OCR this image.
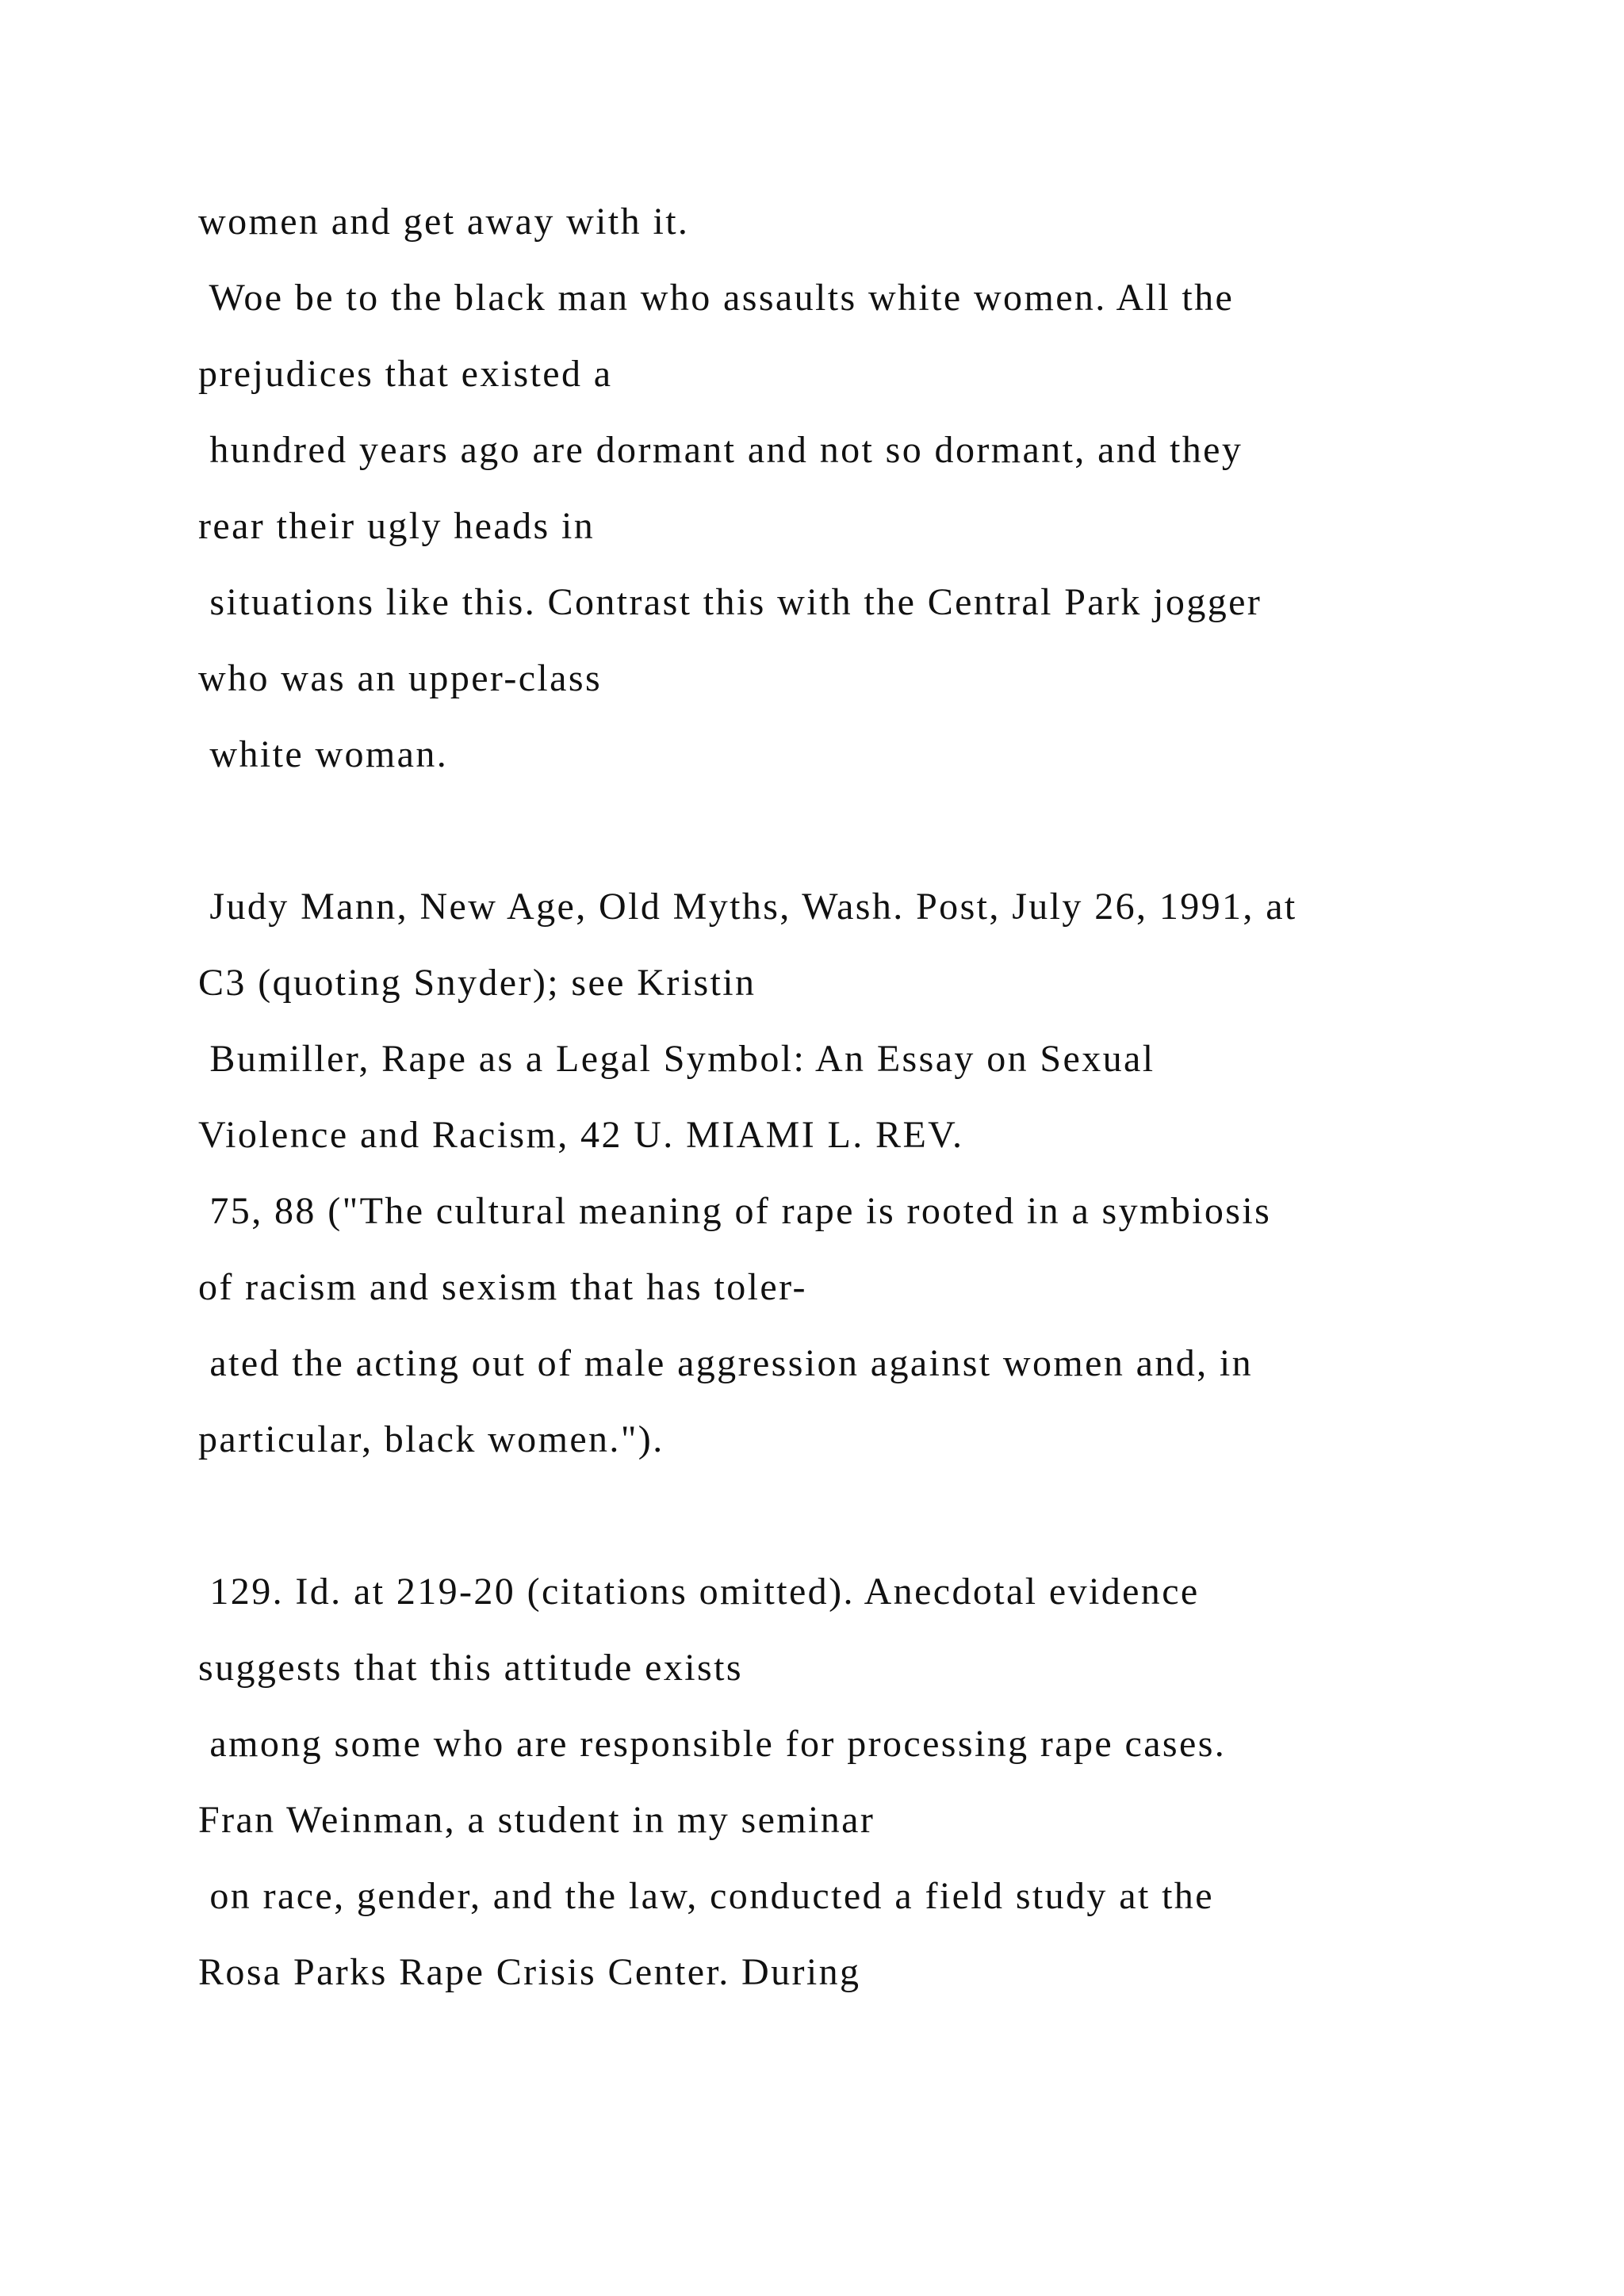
women and get away with it.
Woe be to the black man who assaults white women. All the
prejudices that existed a
hundred years ago are dormant and not so dormant, and they
rear their ugly heads in
situations like this. Contrast this with the Central Park jogger
who was an upper-class
white woman.
Judy Mann, New Age, Old Myths, Wash. Post, July 26, 1991, at
C3 (quoting Snyder); see Kristin
Bumiller, Rape as a Legal Symbol: An Essay on Sexual
Violence and Racism, 42 U. MIAMI L. REV.
75, 88 ("The cultural meaning of rape is rooted in a symbiosis
of racism and sexism that has toler-
ated the acting out of male aggression against women and, in
particular, black women.").
129. Id. at 219-20 (citations omitted). Anecdotal evidence
suggests that this attitude exists
among some who are responsible for processing rape cases.
Fran Weinman, a student in my seminar
on race, gender, and the law, conducted a field study at the
Rosa Parks Rape Crisis Center. During
